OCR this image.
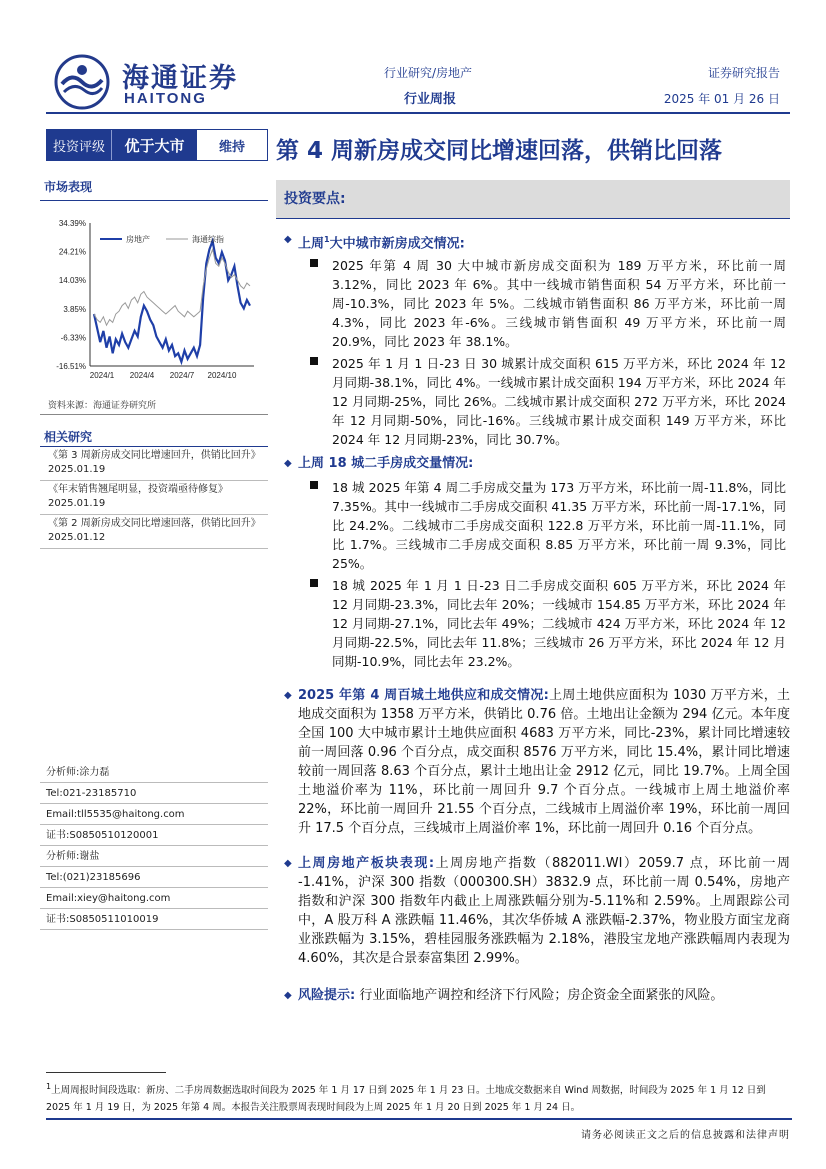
海通证券
HAITONG
行业研究/房地产
行业周报
证券研究报告
2025 年 01 月 26 日
投资评级	优于大市	维持	第 4 周新房成交同比增速回落，供销比回落
市场表现
34.39%
24.21%
14.03%
3.85%
-6.33%
-16.51%
2024/1 2024/4 2024/7 2024/10
房地产	海通综指
资料来源：海通证券研究所
相关研究
《第 3 周新房成交同比增速回升，供销比回升》
2025.01.19
《年末销售翘尾明显，投资端亟待修复》
2025.01.19
《第 2 周新房成交同比增速回落，供销比回升》
2025.01.12
分析师:涂力磊
Tel:021-23185710
Email:tll5535@haitong.com
证书:S0850510120001
分析师:谢盐
Tel:(021)23185696
Email:xiey@haitong.com
证书:S0850511010019
投资要点:
◆ 上周$^1$大中城市新房成交情况:
2025 年第 4 周 30 大中城市新房成交面积为 189 万平方米，环比前一周 3.12%，同比 2023 年 6%。其中一线城市销售面积 54 万平方米，环比前一周-10.3%，同比 2023 年 5%。二线城市销售面积 86 万平方米，环比前一周 4.3%，同比 2023 年-6%。三线城市销售面积 49 万平方米，环比前一周 20.9%，同比 2023 年 38.1%。
2025 年 1 月 1 日-23 日 30 城累计成交面积 615 万平方米，环比 2024 年 12 月同期-38.1%，同比 4%。一线城市累计成交面积 194 万平方米，环比 2024 年 12 月同期-25%，同比 26%。二线城市累计成交面积 272 万平方米，环比 2024 年 12 月同期-50%，同比-16%。三线城市累计成交面积 149 万平方米，环比 2024 年 12 月同期-23%，同比 30.7%。
◆ 上周 18 城二手房成交量情况:
18 城 2025 年第 4 周二手房成交量为 173 万平方米，环比前一周-11.8%，同比 7.35%。其中一线城市二手房成交面积 41.35 万平方米，环比前一周-17.1%，同比 24.2%。二线城市二手房成交面积 122.8 万平方米，环比前一周-11.1%，同比 1.7%。三线城市二手房成交面积 8.85 万平方米，环比前一周 9.3%，同比 25%。
18 城 2025 年 1 月 1 日-23 日二手房成交面积 605 万平方米，环比 2024 年 12 月同期-23.3%，同比去年 20%；一线城市 154.85 万平方米，环比 2024 年 12 月同期-27.1%，同比去年 49%；二线城市 424 万平方米，环比 2024 年 12 月同期-22.5%，同比去年 11.8%；三线城市 26 万平方米，环比 2024 年 12 月同期-10.9%，同比去年 23.2%。
◆ 2025 年第 4 周百城土地供应和成交情况:上周土地供应面积为 1030 万平方米，土地成交面积为 1358 万平方米，供销比 0.76 倍。土地出让金额为 294 亿元。本年度全国 100 大中城市累计土地供应面积 4683 万平方米，同比-23%，累计同比增速较前一周回落 0.96 个百分点，成交面积 8576 万平方米，同比 15.4%，累计同比增速较前一周回落 8.63 个百分点，累计土地出让金 2912 亿元，同比 19.7%。上周全国土地溢价率为 11%，环比前一周回升 9.7 个百分点。一线城市上周土地溢价率 22%，环比前一周回升 21.55 个百分点，二线城市上周溢价率 19%，环比前一周回升 17.5 个百分点，三线城市上周溢价率 1%，环比前一周回升 0.16 个百分点。
◆ 上周房地产板块表现:上周房地产指数（882011.WI）2059.7 点，环比前一周 -1.41%，沪深 300 指数（000300.SH）3832.9 点，环比前一周 0.54%，房地产指数和沪深 300 指数年内截止上周涨跌幅分别为-5.11%和 2.59%。上周跟踪公司中，A 股万科 A 涨跌幅 11.46%，其次华侨城 A 涨跌幅-2.37%，物业股方面宝龙商业涨跌幅为 3.15%，碧桂园服务涨跌幅为 2.18%，港股宝龙地产涨跌幅周内表现为 4.60%，其次是合景泰富集团 2.99%。
◆ 风险提示: 行业面临地产调控和经济下行风险；房企资金全面紧张的风险。
$^1$上周周报时间段选取：新房、二手房周数据选取时间段为 2025 年 1 月 17 日到 2025 年 1 月 23 日。土地成交数据来自 Wind 周数据，时间段为 2025 年 1 月 12 日到 2025 年 1 月 19 日，为 2025 年第 4 周。本报告关注股票周表现时间段为上周 2025 年 1 月 20 日到 2025 年 1 月 24 日。
请务必阅读正文之后的信息披露和法律声明
